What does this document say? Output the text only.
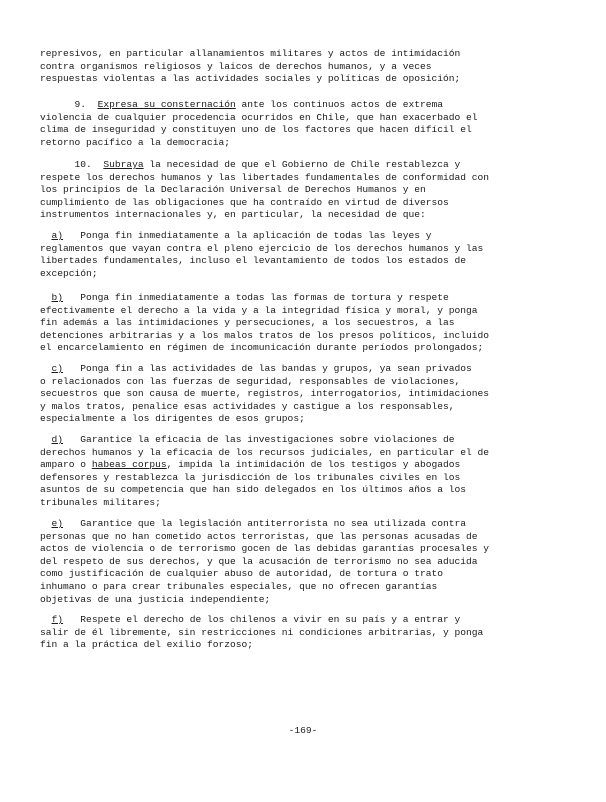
represivos, en particular allanamientos militares y actos de intimidación
contra organismos religiosos y laicos de derechos humanos, y a veces
respuestas violentas a las actividades sociales y políticas de oposición;
9.  Expresa su consternación ante los continuos actos de extrema
violencia de cualquier procedencia ocurridos en Chile, que han exacerbado el
clima de inseguridad y constituyen uno de los factores que hacen difícil el
retorno pacífico a la democracia;
10.  Subraya la necesidad de que el Gobierno de Chile restablezca y
respete los derechos humanos y las libertades fundamentales de conformidad con
los principios de la Declaración Universal de Derechos Humanos y en
cumplimiento de las obligaciones que ha contraído en virtud de diversos
instrumentos internacionales y, en particular, la necesidad de que:
a)   Ponga fin inmediatamente a la aplicación de todas las leyes y
reglamentos que vayan contra el pleno ejercicio de los derechos humanos y las
libertades fundamentales, incluso el levantamiento de todos los estados de
excepción;
b)   Ponga fin inmediatamente a todas las formas de tortura y respete
efectivamente el derecho a la vida y a la integridad física y moral, y ponga
fin además a las intimidaciones y persecuciones, a los secuestros, a las
detenciones arbitrarias y a los malos tratos de los presos políticos, incluido
el encarcelamiento en régimen de incomunicación durante períodos prolongados;
c)   Ponga fin a las actividades de las bandas y grupos, ya sean privados
o relacionados con las fuerzas de seguridad, responsables de violaciones,
secuestros que son causa de muerte, registros, interrogatorios, intimidaciones
y malos tratos, penalice esas actividades y castigue a los responsables,
especialmente a los dirigentes de esos grupos;
d)   Garantice la eficacia de las investigaciones sobre violaciones de
derechos humanos y la eficacia de los recursos judiciales, en particular el de
amparo o habeas corpus, impida la intimidación de los testigos y abogados
defensores y restablezca la jurisdicción de los tribunales civiles en los
asuntos de su competencia que han sido delegados en los últimos años a los
tribunales militares;
e)   Garantice que la legislación antiterrorista no sea utilizada contra
personas que no han cometido actos terroristas, que las personas acusadas de
actos de violencia o de terrorismo gocen de las debidas garantías procesales y
del respeto de sus derechos, y que la acusación de terrorismo no sea aducida
como justificación de cualquier abuso de autoridad, de tortura o trato
inhumano o para crear tribunales especiales, que no ofrecen garantías
objetivas de una justicia independiente;
f)   Respete el derecho de los chilenos a vivir en su país y a entrar y
salir de él libremente, sin restricciones ni condiciones arbitrarias, y ponga
fin a la práctica del exilio forzoso;
-169-
